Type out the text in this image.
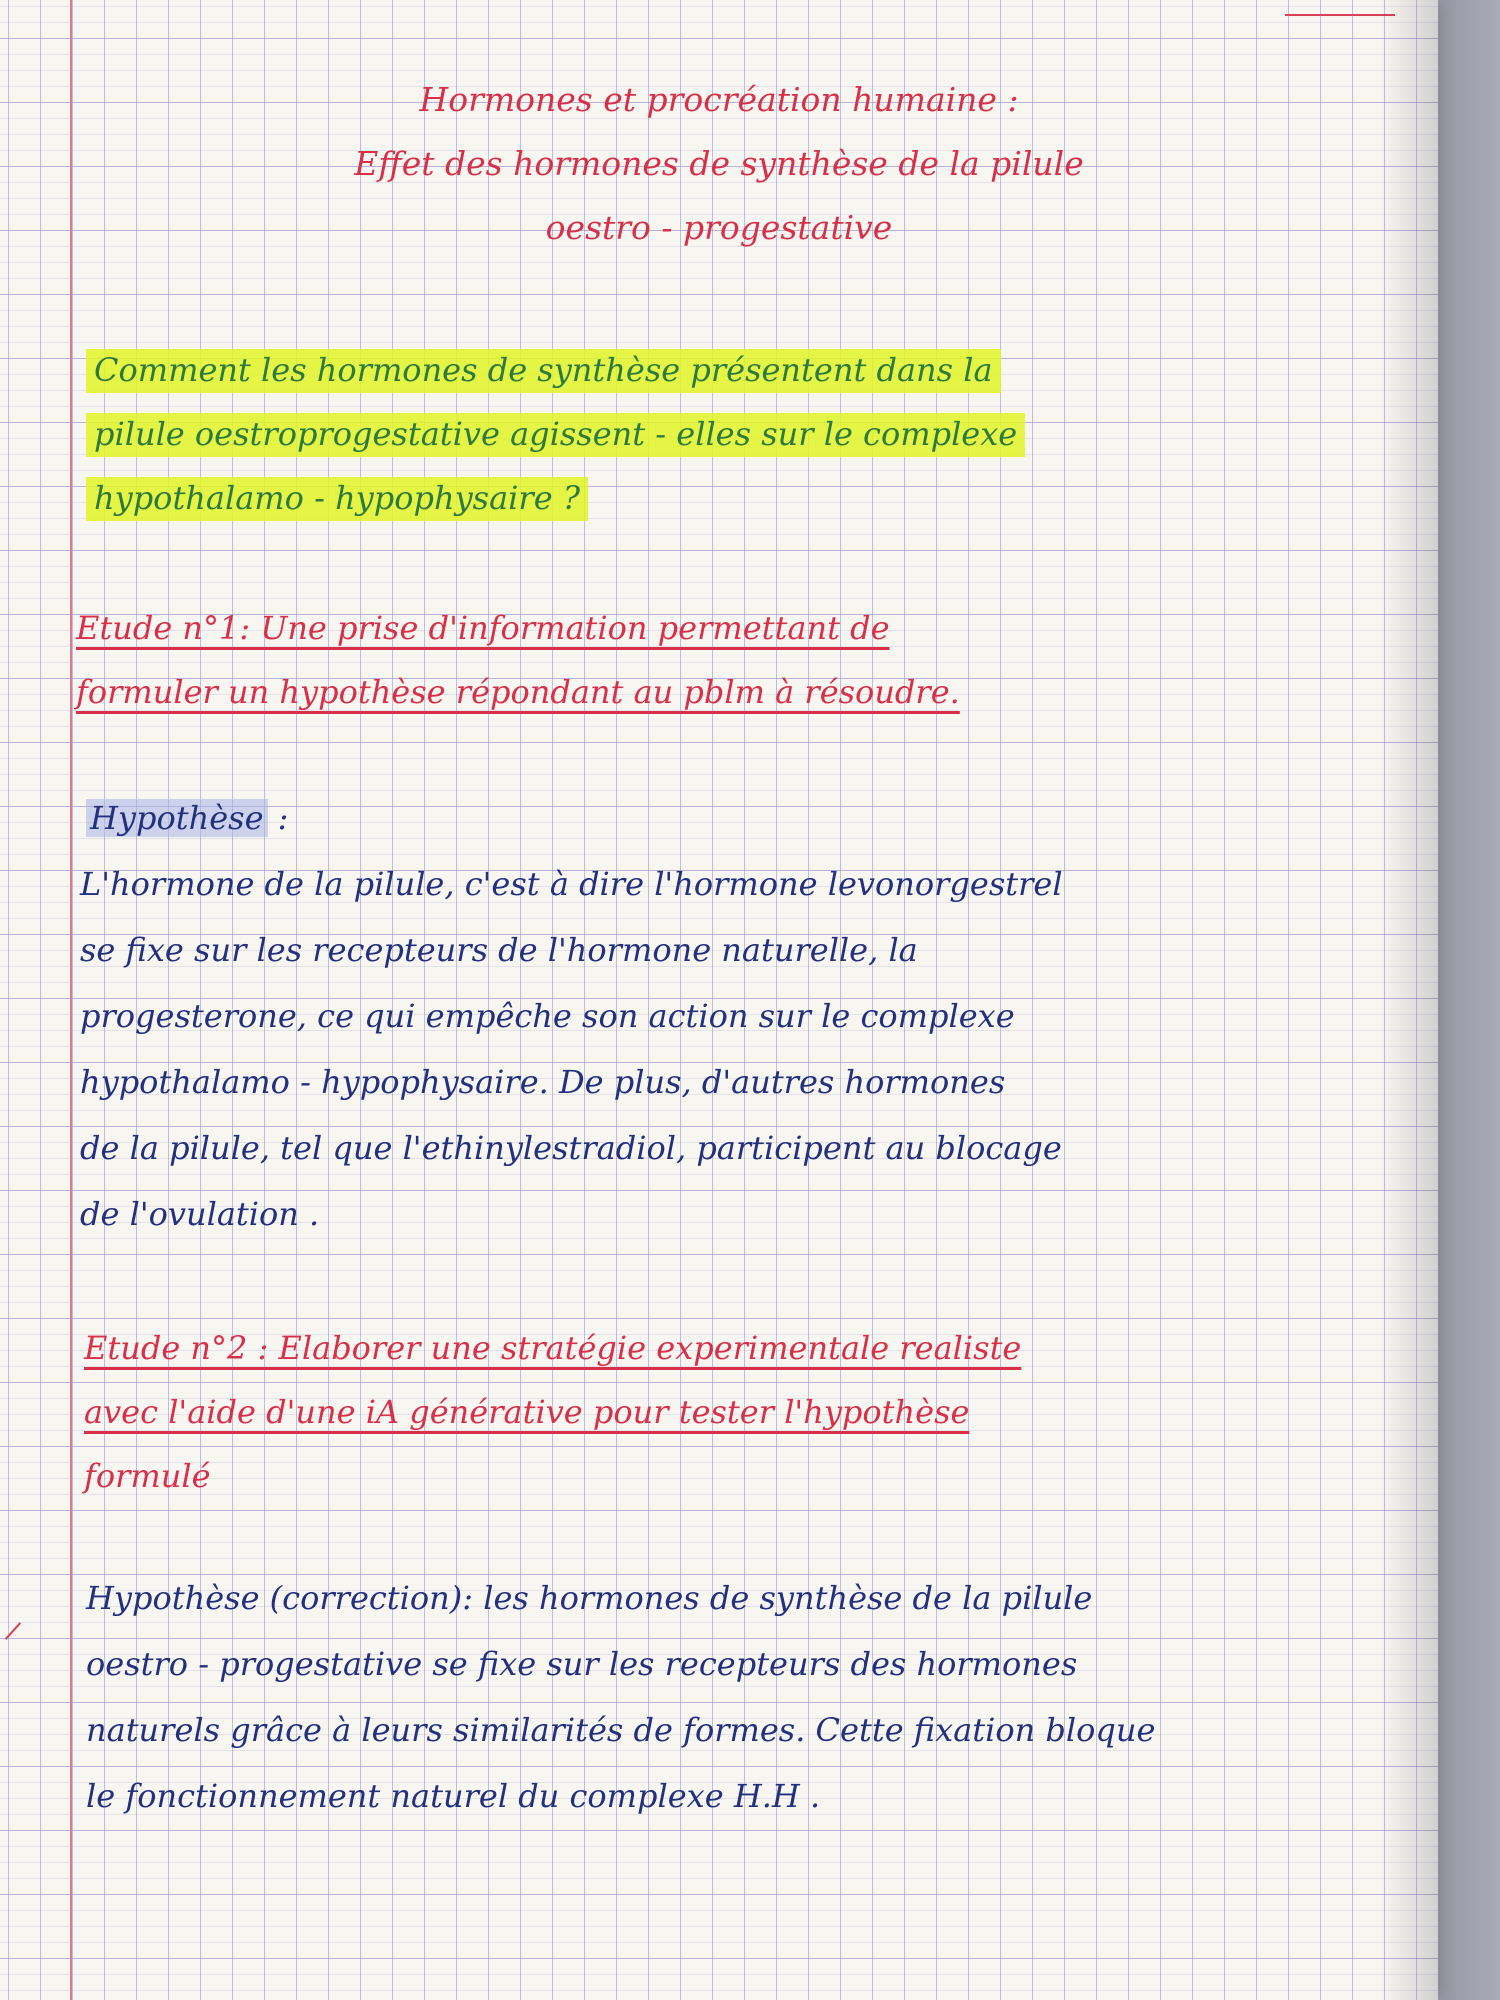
Hormones et procréation humaine :
Effet des hormones de synthèse de la pilule
oestro - progestative
Comment les hormones de synthèse présentent dans la
pilule oestroprogestative agissent - elles sur le complexe
hypothalamo - hypophysaire ?
Etude n°1: Une prise d'information permettant de
formuler un hypothèse répondant au pblm à résoudre.
Hypothèse :
L'hormone de la pilule, c'est à dire l'hormone levonorgestrel
se fixe sur les recepteurs de l'hormone naturelle, la
progesterone, ce qui empêche son action sur le complexe
hypothalamo - hypophysaire. De plus, d'autres hormones
de la pilule, tel que l'ethinylestradiol, participent au blocage
de l'ovulation .
Etude n°2 : Elaborer une stratégie experimentale realiste
avec l'aide d'une iA générative pour tester l'hypothèse
formulé
Hypothèse (correction): les hormones de synthèse de la pilule
oestro - progestative se fixe sur les recepteurs des hormones
naturels grâce à leurs similarités de formes. Cette fixation bloque
le fonctionnement naturel du complexe H.H .
